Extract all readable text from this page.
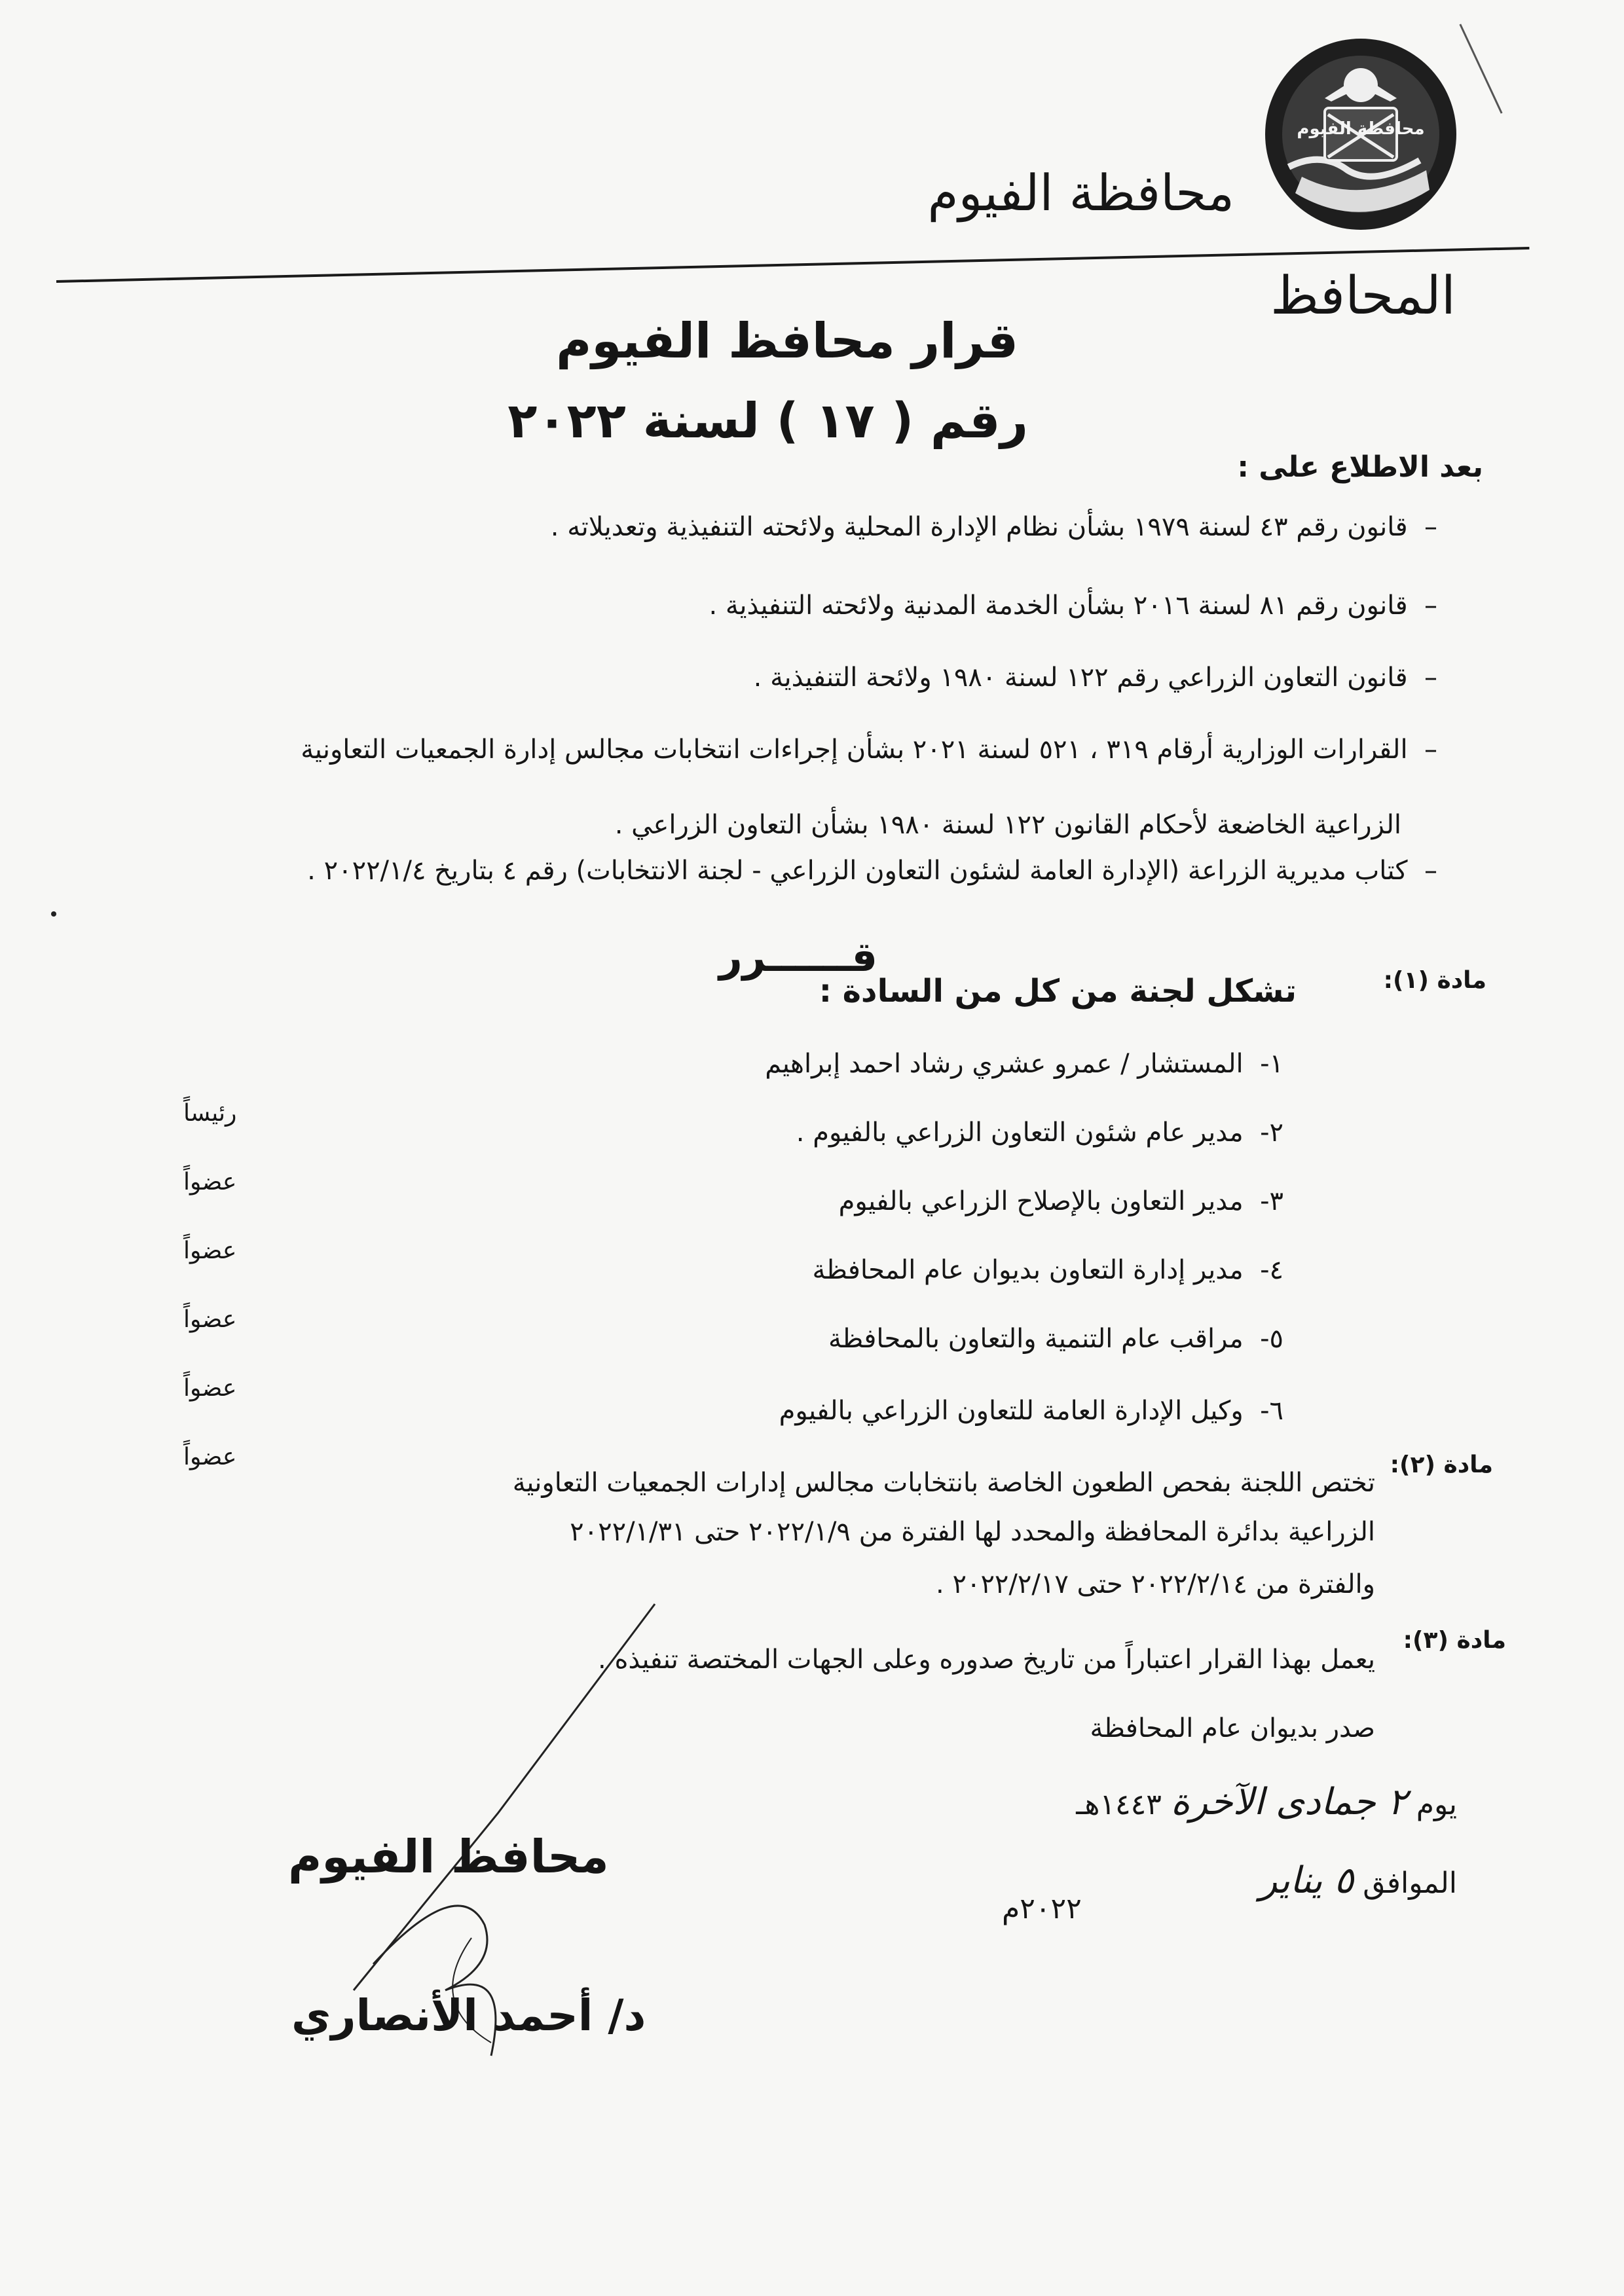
محافظة الفيوم
محافظة الفيوم
المحافظ
قرار محافظ الفيوم
رقم ( ١٧ ) لسنة ٢٠٢٢
بعد الاطلاع على :
–  قانون رقم ٤٣ لسنة ١٩٧٩ بشأن نظام الإدارة المحلية ولائحته التنفيذية وتعديلاته .
–  قانون رقم ٨١ لسنة ٢٠١٦ بشأن الخدمة المدنية ولائحته التنفيذية .
–  قانون التعاون الزراعي رقم ١٢٢ لسنة ١٩٨٠ ولائحة التنفيذية .
–  القرارات الوزارية أرقام ٣١٩ ، ٥٢١ لسنة ٢٠٢١ بشأن إجراءات انتخابات مجالس إدارة الجمعيات التعاونية
الزراعية الخاضعة لأحكام القانون ١٢٢ لسنة ١٩٨٠ بشأن التعاون الزراعي .
–  كتاب مديرية الزراعة (الإدارة العامة لشئون التعاون الزراعي - لجنة الانتخابات) رقم ٤ بتاريخ ٢٠٢٢/١/٤ .
قــــــرر	مادة (١):
تشكل لجنة من كل من السادة :
١-  المستشار / عمرو عشري رشاد احمد إبراهيم
رئيساً
٢-  مدير عام شئون التعاون الزراعي بالفيوم .
عضواً
٣-  مدير التعاون بالإصلاح الزراعي بالفيوم
عضواً
٤-  مدير إدارة التعاون بديوان عام المحافظة
عضواً
٥-  مراقب عام التنمية والتعاون بالمحافظة
عضواً
٦-  وكيل الإدارة العامة للتعاون الزراعي بالفيوم
عضواً	مادة (٢):
تختص اللجنة بفحص الطعون الخاصة بانتخابات مجالس إدارات الجمعيات التعاونية
الزراعية بدائرة المحافظة والمحدد لها الفترة من ٢٠٢٢/١/٩ حتى ٢٠٢٢/١/٣١
والفترة من ٢٠٢٢/٢/١٤ حتى ٢٠٢٢/٢/١٧ .
مادة (٣):
يعمل بهذا القرار اعتباراً من تاريخ صدوره وعلى الجهات المختصة تنفيذه .
صدر بديوان عام المحافظة
يوم ٢ جمادى الآخرة ١٤٤٣هـ
الموافق ٥ يناير
٢٠٢٢م
محافظ الفيوم
د/ أحمد الأنصاري
